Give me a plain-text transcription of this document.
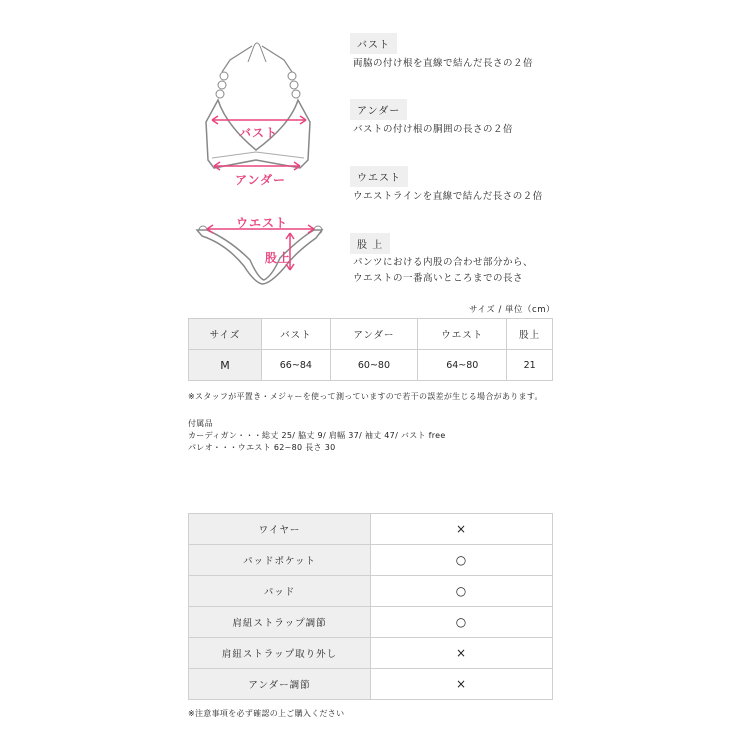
バスト
アンダー
ウエスト
股上
バスト
両脇の付け根を直線で結んだ長さの２倍
アンダー
バストの付け根の胴囲の長さの２倍
ウエスト
ウエストラインを直線で結んだ長さの２倍
股 上
パンツにおける内股の合わせ部分から、
ウエストの一番高いところまでの長さ
サイズ / 単位（cm）
サイズ	バスト	アンダー	ウエスト	股上
M	66~84	60~80	64~80	21
※スタッフが平置き・メジャーを使って測っていますので若干の誤差が生じる場合があります。
付属品
カーディガン・・・総丈 25/ 脇丈 9/ 肩幅 37/ 袖丈 47/ バスト free
パレオ・・・ウエスト 62~80 長さ 30
ワイヤー	×
パッドポケット	○
パッド	○
肩紐ストラップ調節	○
肩紐ストラップ取り外し	×
アンダー調節	×
※注意事項を必ず確認の上ご購入ください
